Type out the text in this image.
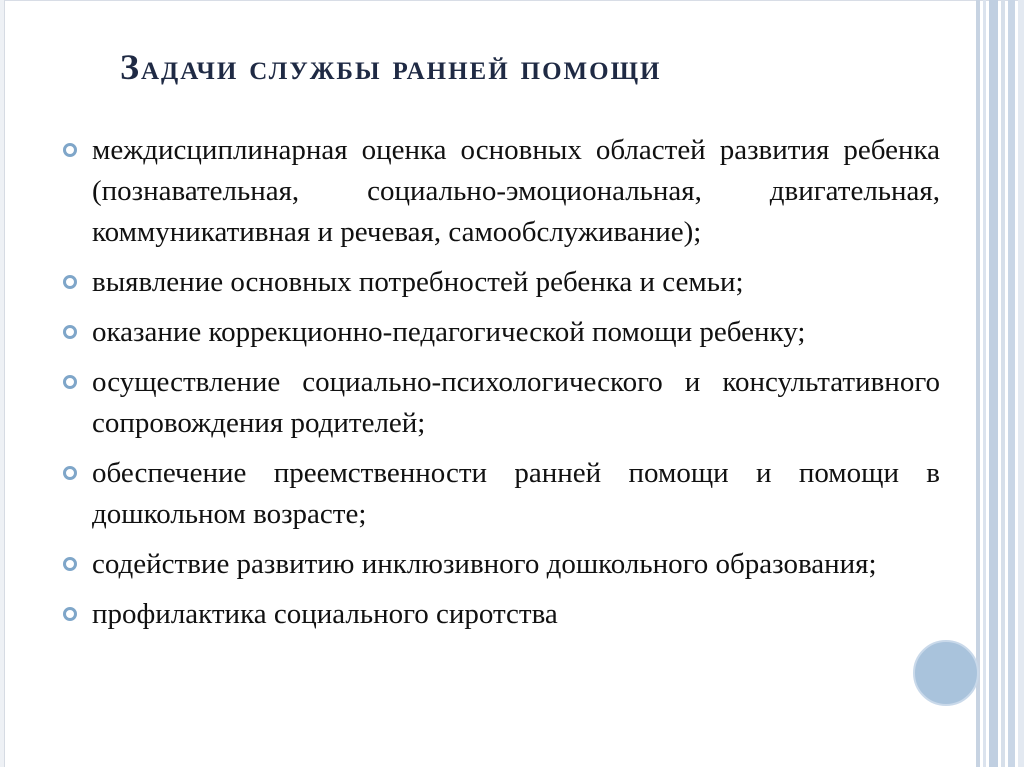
Задачи службы ранней помощи
междисциплинарная оценка основных областей развития ребенка (познавательная, социально-эмоциональная, двигательная, коммуникативная и речевая, самообслуживание);
выявление основных потребностей ребенка и семьи;
оказание коррекционно-педагогической помощи ребенку;
осуществление социально-психологического и консультативного сопровождения родителей;
обеспечение преемственности ранней помощи и помощи в дошкольном возрасте;
содействие развитию инклюзивного дошкольного образования;
профилактика социального сиротства
